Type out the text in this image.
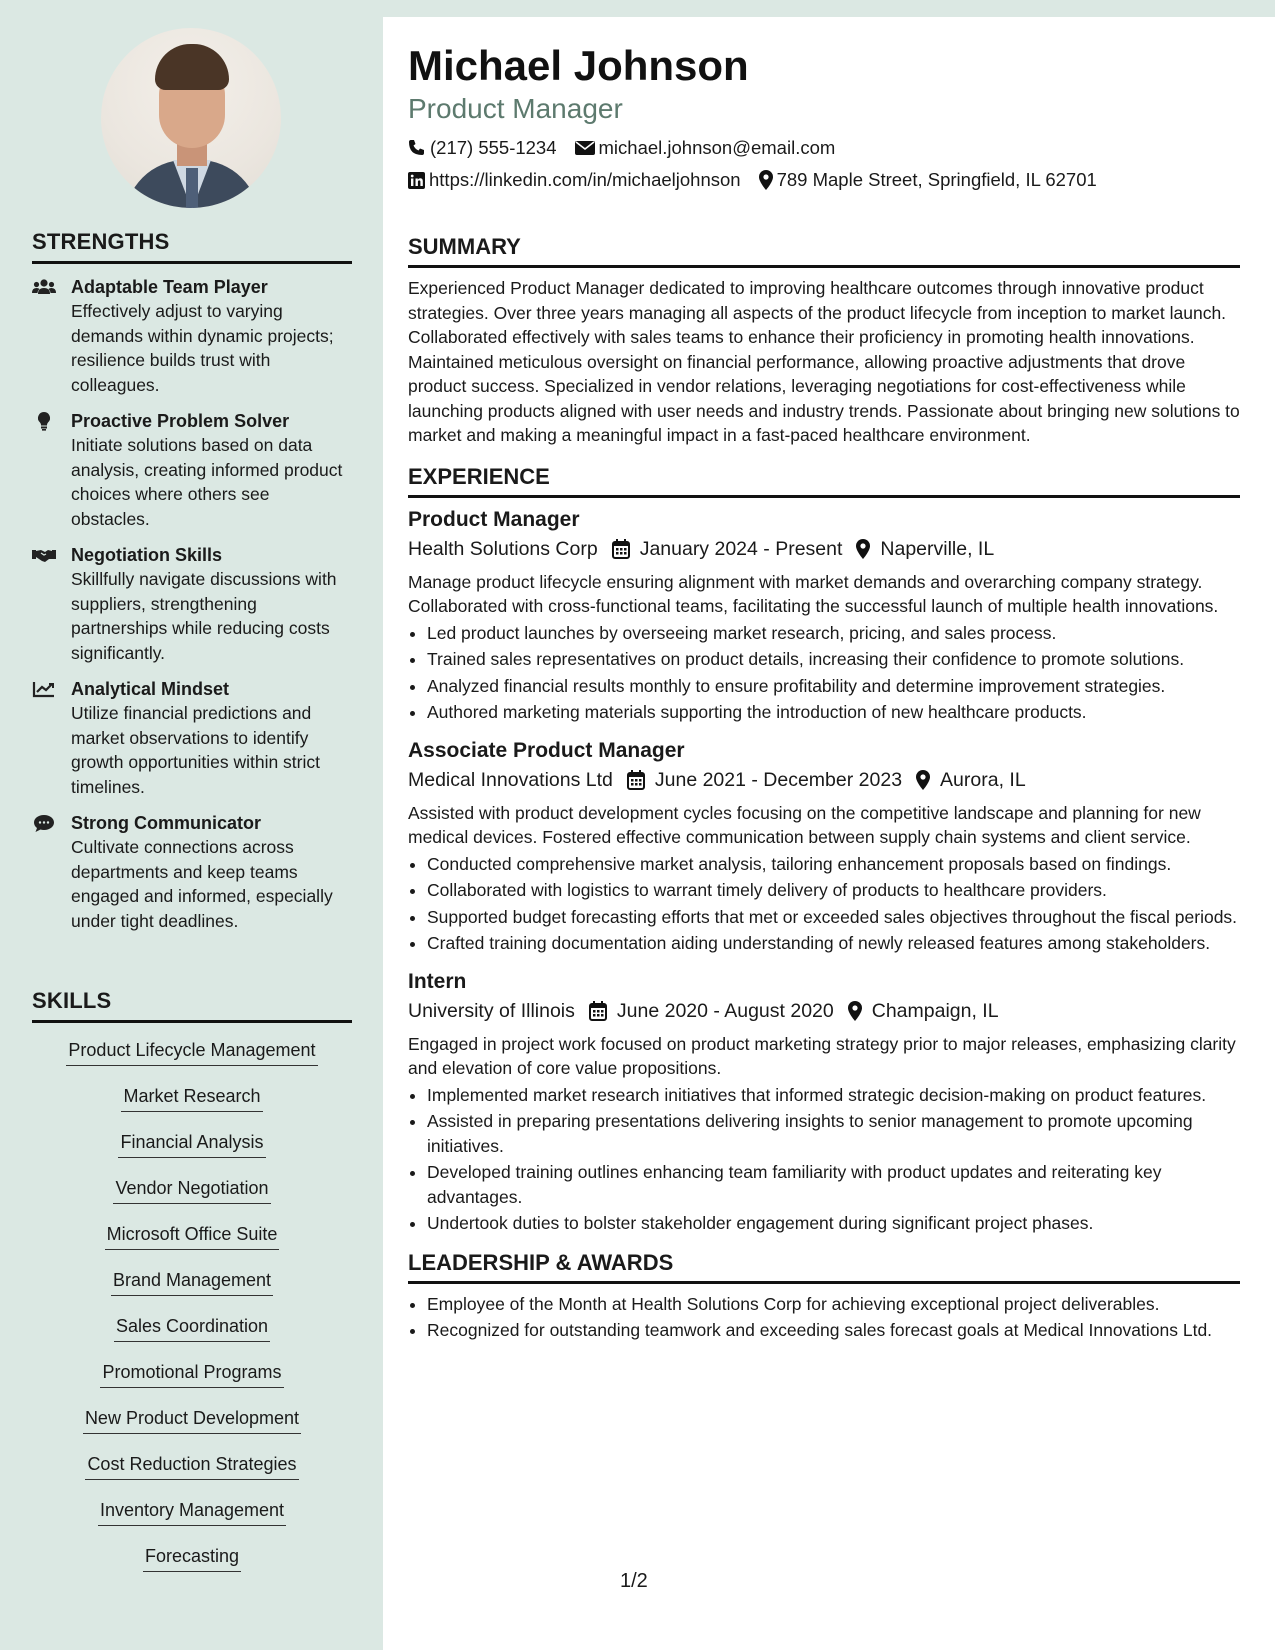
STRENGTHS
Adaptable Team Player
Effectively adjust to varying demands within dynamic projects; resilience builds trust with colleagues.
Proactive Problem Solver
Initiate solutions based on data analysis, creating informed product choices where others see obstacles.
Negotiation Skills
Skillfully navigate discussions with suppliers, strengthening partnerships while reducing costs significantly.
Analytical Mindset
Utilize financial predictions and market observations to identify growth opportunities within strict timelines.
Strong Communicator
Cultivate connections across departments and keep teams engaged and informed, especially under tight deadlines.
SKILLS
Product Lifecycle Management
Market Research
Financial Analysis
Vendor Negotiation
Microsoft Office Suite
Brand Management
Sales Coordination
Promotional Programs
New Product Development
Cost Reduction Strategies
Inventory Management
Forecasting
Michael Johnson
Product Manager
(217) 555-1234 michael.johnson@email.com
https://linkedin.com/in/michaeljohnson 789 Maple Street, Springfield, IL 62701
SUMMARY

Experienced Product Manager dedicated to improving healthcare outcomes through innovative product strategies. Over three years managing all aspects of the product lifecycle from inception to market launch. Collaborated effectively with sales teams to enhance their proficiency in promoting health innovations. Maintained meticulous oversight on financial performance, allowing proactive adjustments that drove product success. Specialized in vendor relations, leveraging negotiations for cost-effectiveness while launching products aligned with user needs and industry trends. Passionate about bringing new solutions to market and making a meaningful impact in a fast-paced healthcare environment.

EXPERIENCE
Product Manager
Health Solutions Corp January 2024 - Present Naperville, IL

Manage product lifecycle ensuring alignment with market demands and overarching company strategy. Collaborated with cross-functional teams, facilitating the successful launch of multiple health innovations.

• Led product launches by overseeing market research, pricing, and sales process.
• Trained sales representatives on product details, increasing their confidence to promote solutions.
• Analyzed financial results monthly to ensure profitability and determine improvement strategies.
• Authored marketing materials supporting the introduction of new healthcare products.
Associate Product Manager
Medical Innovations Ltd June 2021 - December 2023 Aurora, IL

Assisted with product development cycles focusing on the competitive landscape and planning for new medical devices. Fostered effective communication between supply chain systems and client service.

• Conducted comprehensive market analysis, tailoring enhancement proposals based on findings.
• Collaborated with logistics to warrant timely delivery of products to healthcare providers.
• Supported budget forecasting efforts that met or exceeded sales objectives throughout the fiscal periods.
• Crafted training documentation aiding understanding of newly released features among stakeholders.
Intern
University of Illinois June 2020 - August 2020 Champaign, IL

Engaged in project work focused on product marketing strategy prior to major releases, emphasizing clarity and elevation of core value propositions.

• Implemented market research initiatives that informed strategic decision-making on product features.
• Assisted in preparing presentations delivering insights to senior management to promote upcoming initiatives.
• Developed training outlines enhancing team familiarity with product updates and reiterating key advantages.
• Undertook duties to bolster stakeholder engagement during significant project phases.
LEADERSHIP & AWARDS
• Employee of the Month at Health Solutions Corp for achieving exceptional project deliverables.
• Recognized for outstanding teamwork and exceeding sales forecast goals at Medical Innovations Ltd.
1/2
